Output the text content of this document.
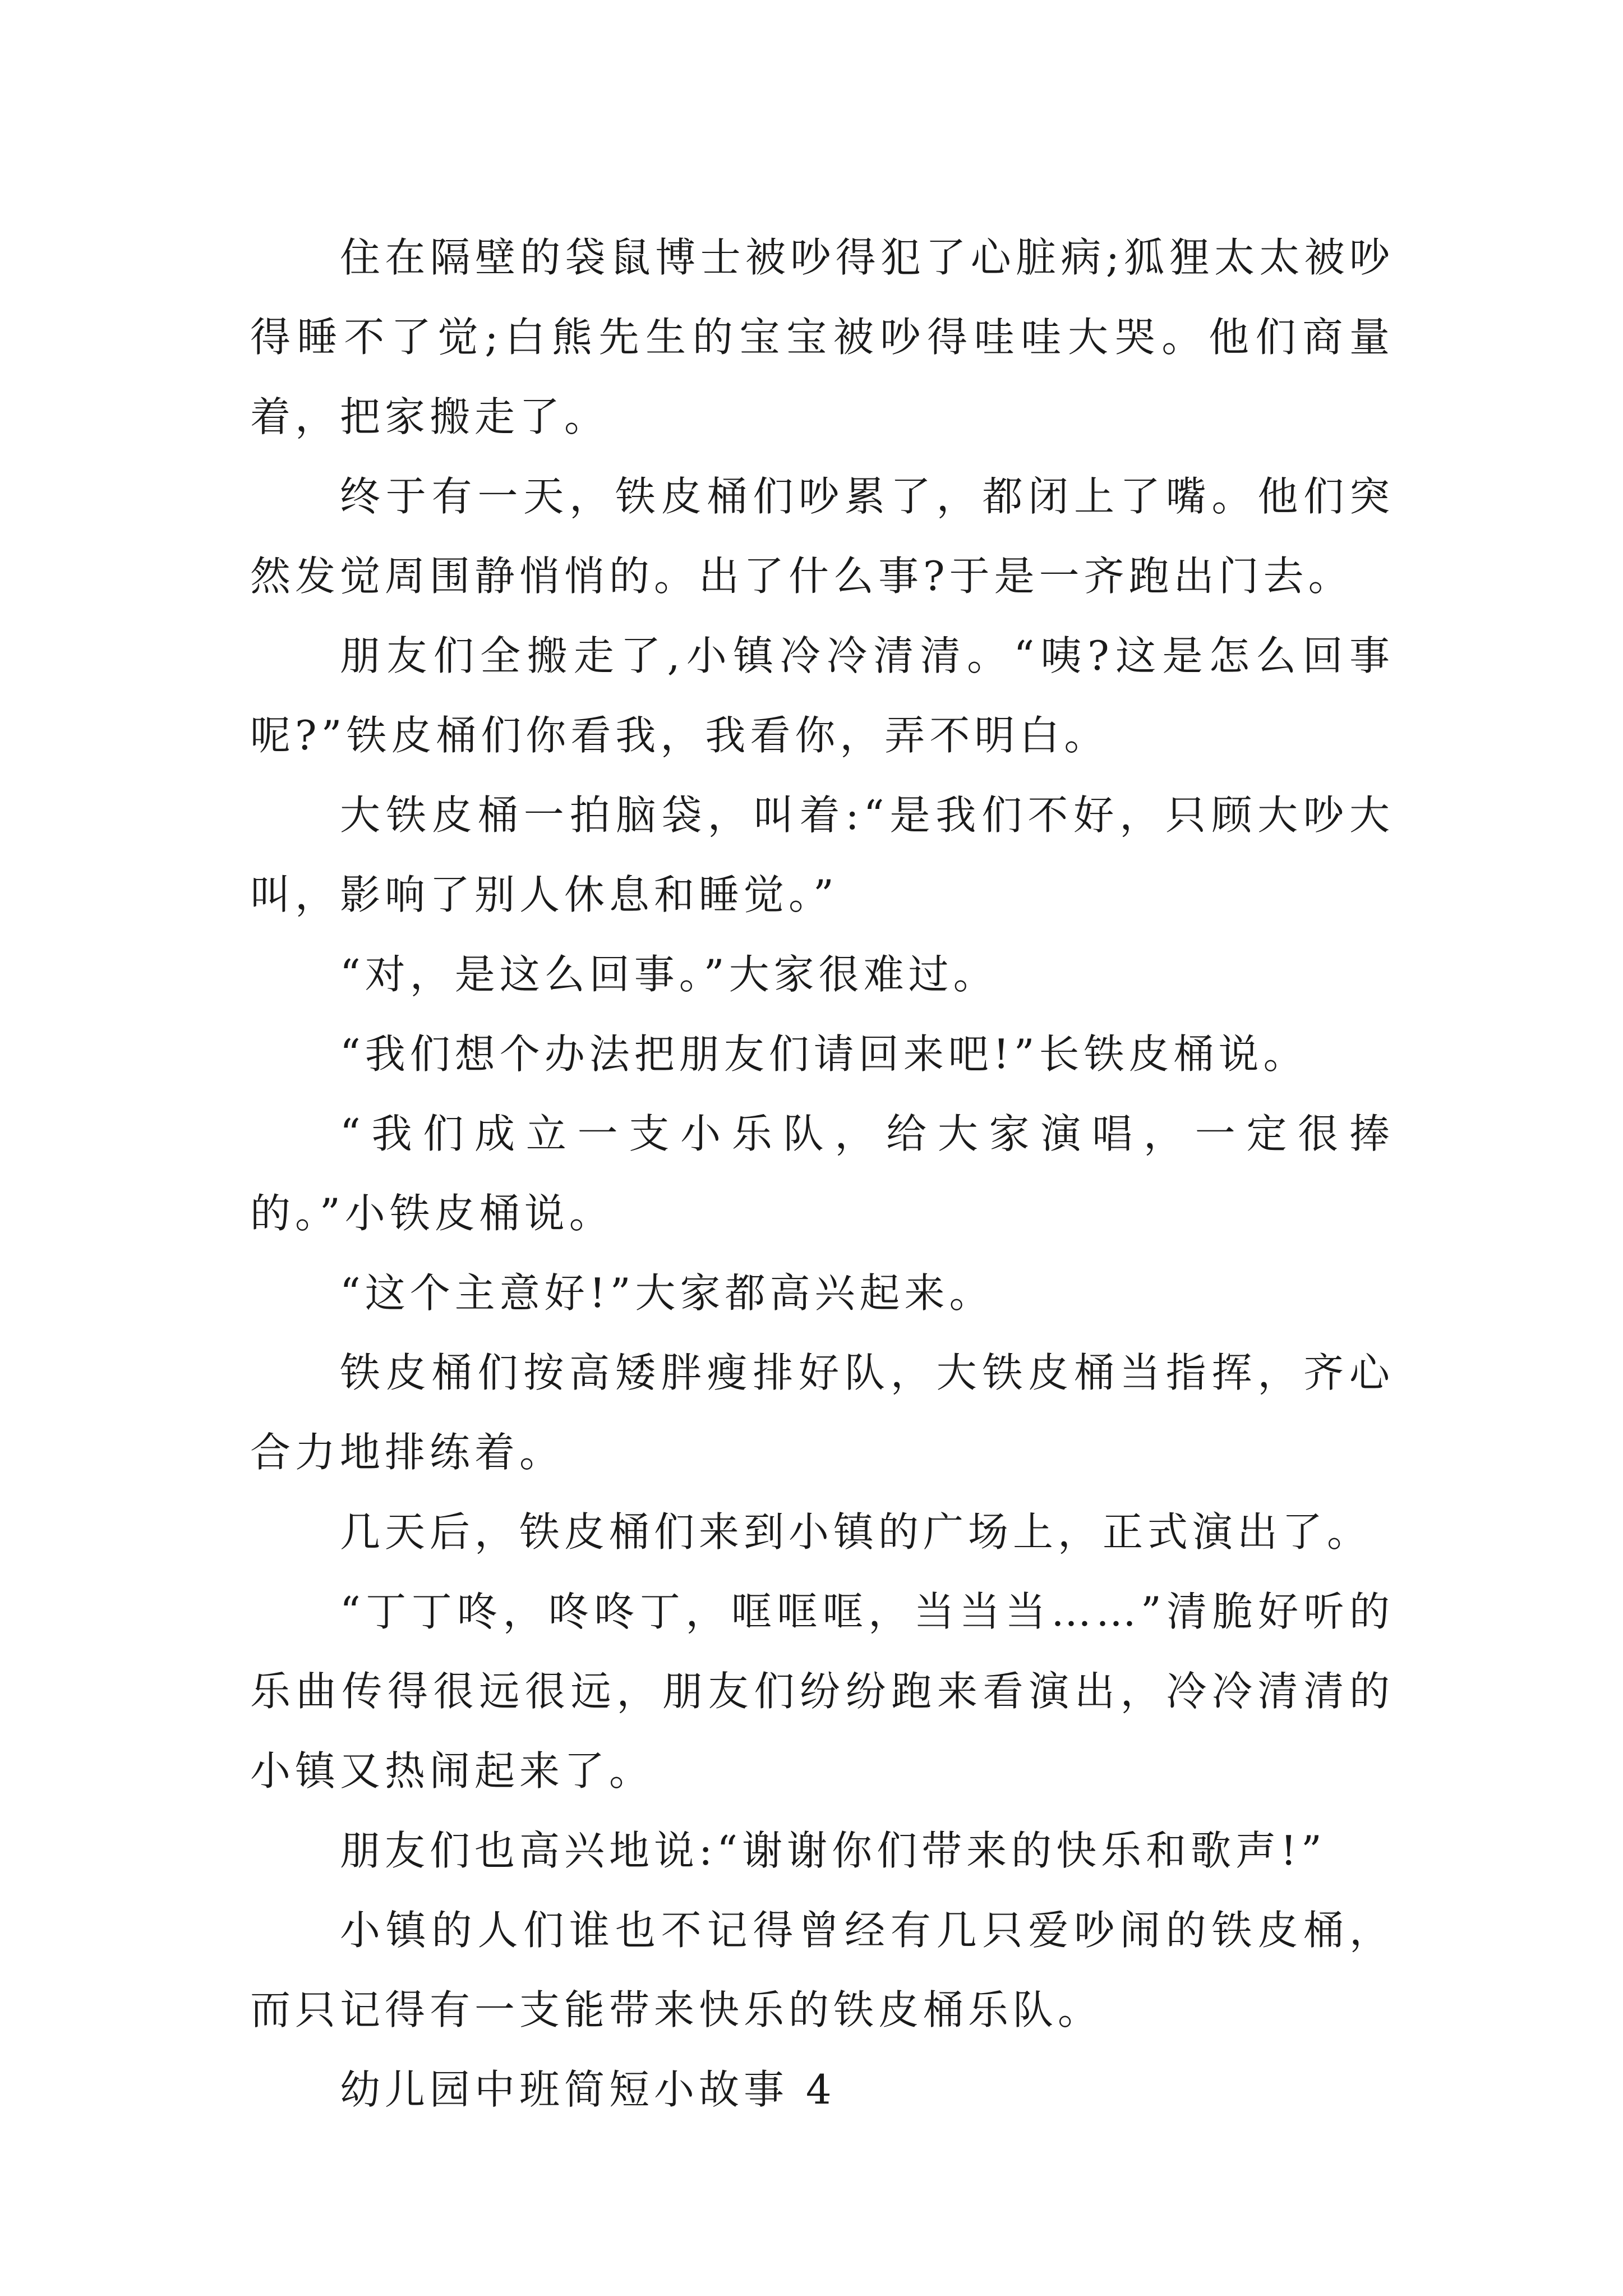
住在隔壁的袋鼠博士被吵得犯了心脏病;狐狸太太被吵得睡不了觉;白熊先生的宝宝被吵得哇哇大哭。他们商量着，把家搬走了。

终于有一天，铁皮桶们吵累了，都闭上了嘴。他们突然发觉周围静悄悄的。出了什么事?于是一齐跑出门去。

朋友们全搬走了,小镇冷冷清清。“咦?这是怎么回事呢?”铁皮桶们你看我，我看你，弄不明白。

大铁皮桶一拍脑袋，叫着:“是我们不好，只顾大吵大叫，影响了别人休息和睡觉。”

“对，是这么回事。”大家很难过。

“我们想个办法把朋友们请回来吧!”长铁皮桶说。

“我们成立一支小乐队，给大家演唱，一定很捧的。”小铁皮桶说。

“这个主意好!”大家都高兴起来。

铁皮桶们按高矮胖瘦排好队，大铁皮桶当指挥，齐心合力地排练着。

几天后，铁皮桶们来到小镇的广场上，正式演出了。

“丁丁咚，咚咚丁，哐哐哐，当当当……”清脆好听的乐曲传得很远很远，朋友们纷纷跑来看演出，冷冷清清的小镇又热闹起来了。

朋友们也高兴地说:“谢谢你们带来的快乐和歌声!”

小镇的人们谁也不记得曾经有几只爱吵闹的铁皮桶，而只记得有一支能带来快乐的铁皮桶乐队。

幼儿园中班简短小故事 4
